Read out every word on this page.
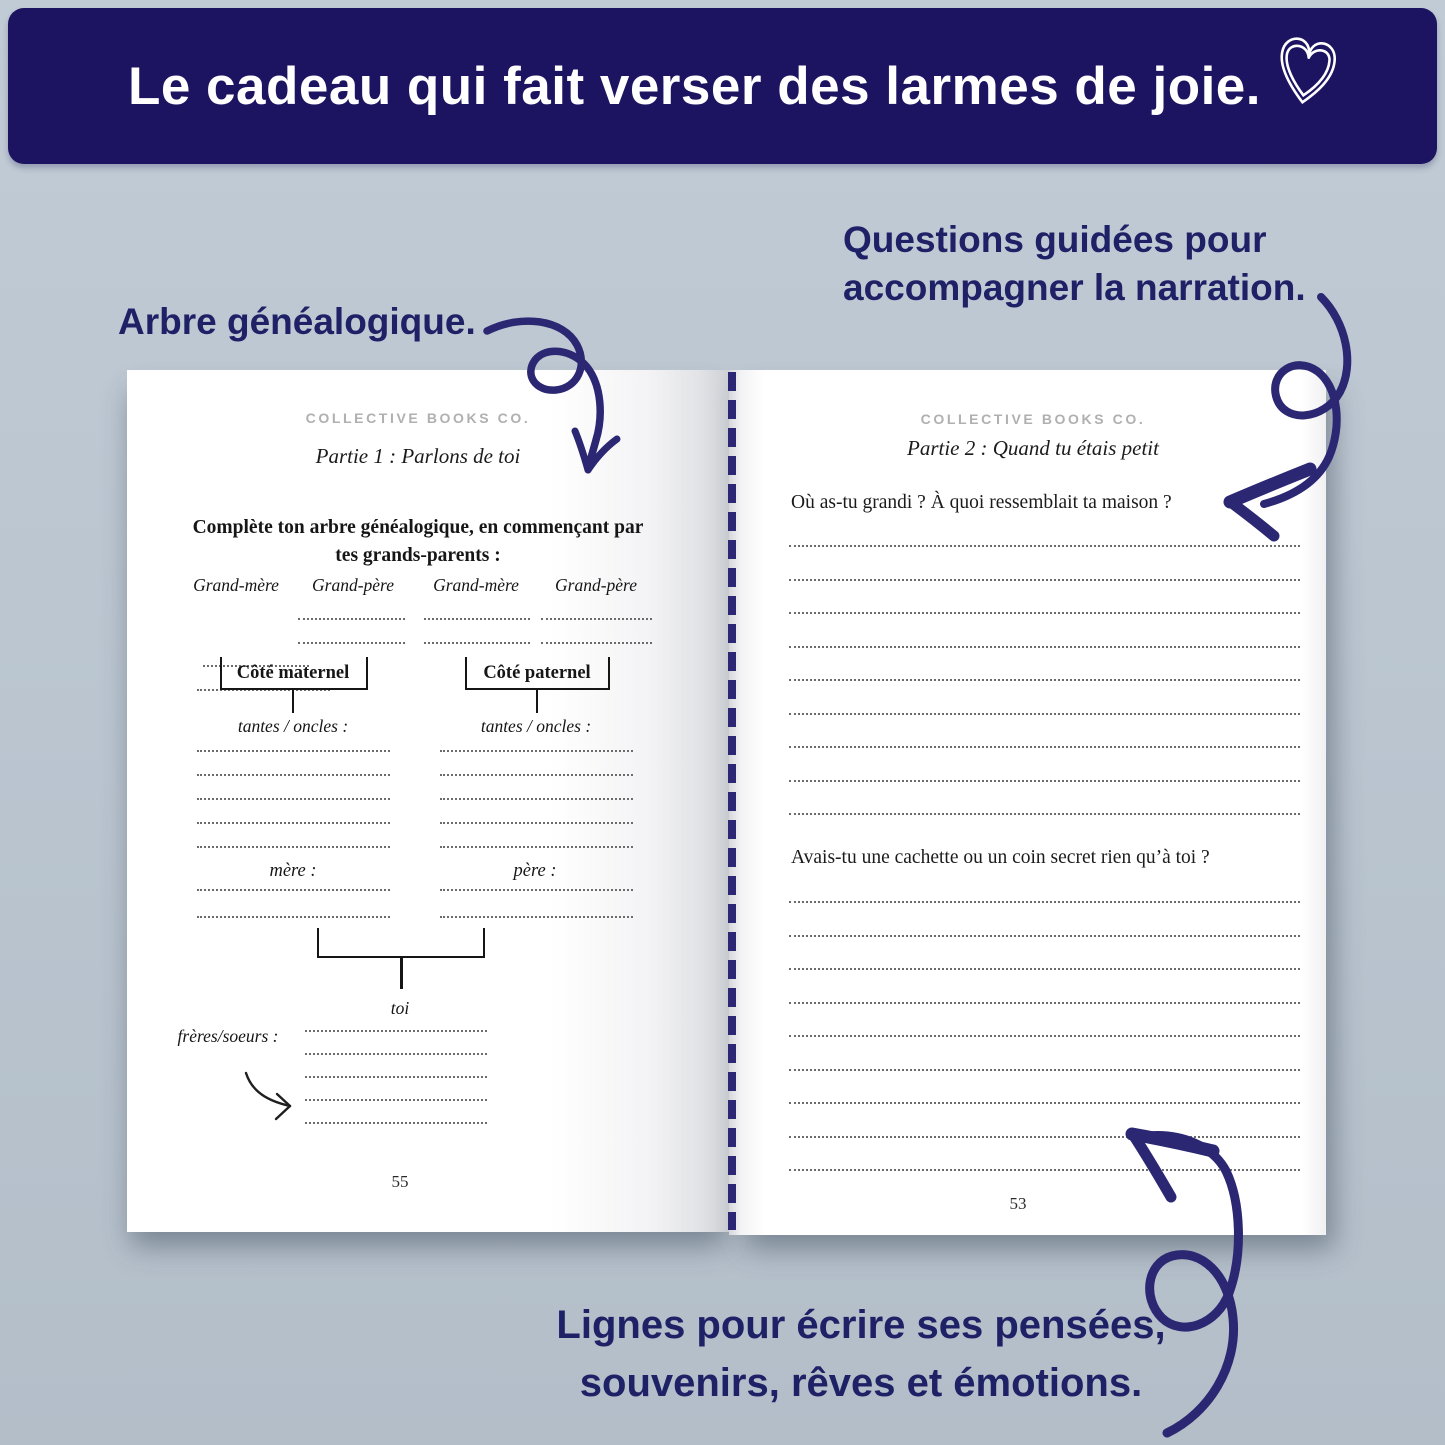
Le cadeau qui fait verser des larmes de joie.
Arbre généalogique.
Questions guidées pour
accompagner la narration.
Lignes pour écrire ses pensées,
souvenirs, rêves et émotions.
COLLECTIVE BOOKS CO.
Partie 1 : Parlons de toi
Complète ton arbre généalogique, en commençant par
tes grands-parents :
Grand-mère Grand-père Grand-mère Grand-père
Côté maternel	Côté paternel
tantes / oncles :	tantes / oncles :
mère :	père :
toi
frères/soeurs :
55
COLLECTIVE BOOKS CO.
Partie 2 : Quand tu étais petit
Où as-tu grandi ? À quoi ressemblait ta maison ?
Avais-tu une cachette ou un coin secret rien qu’à toi ?
53
